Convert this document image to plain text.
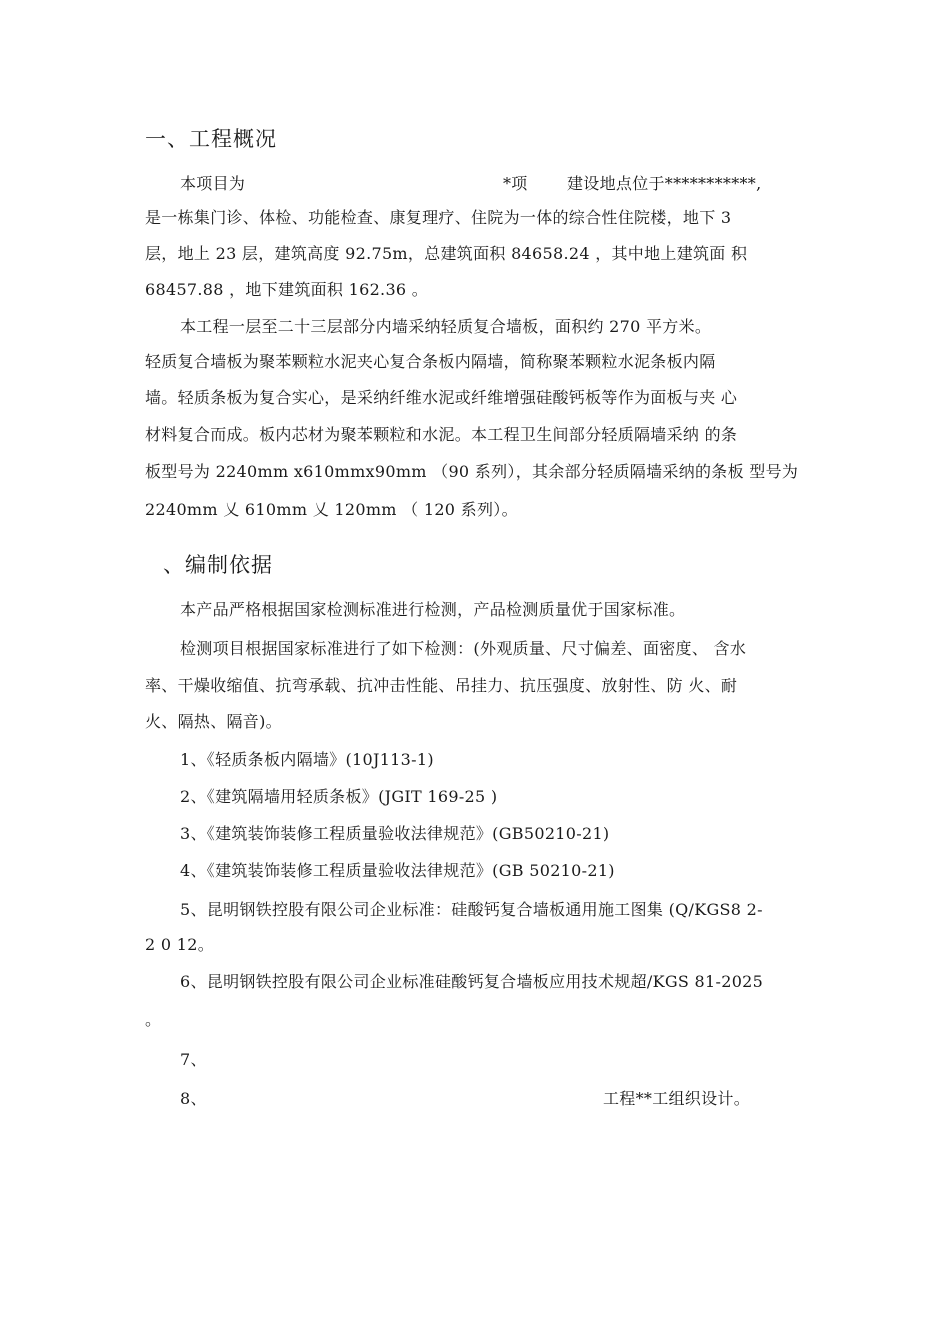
一、工程概况
本项目为	*项 建设地点位于***********,
是一栋集门诊、体检、功能检查、康复理疗、住院为一体的综合性住院楼，地下 3
层，地上 23 层，建筑高度 92.75m，总建筑面积 84658.24 ，其中地上建筑面 积
68457.88 ，地下建筑面积 162.36 。
本工程一层至二十三层部分内墙采纳轻质复合墙板，面积约 270 平方米。
轻质复合墙板为聚苯颗粒水泥夹心复合条板内隔墙，简称聚苯颗粒水泥条板内隔
墙。轻质条板为复合实心，是采纳纤维水泥或纤维增强硅酸钙板等作为面板与夹 心
材料复合而成。板内芯材为聚苯颗粒和水泥。本工程卫生间部分轻质隔墙采纳 的条
板型号为 2240mm x610mmx90mm （90 系列），其余部分轻质隔墙采纳的条板 型号为
2240mm 乂 610mm 乂 120mm （ 120 系列）。
、编制依据
本产品严格根据国家检测标准进行检测，产品检测质量优于国家标准。
检测项目根据国家标准进行了如下检测：(外观质量、尺寸偏差、面密度、 含水
率、干燥收缩值、抗弯承载、抗冲击性能、吊挂力、抗压强度、放射性、防 火、耐
火、隔热、隔音)。
1、《轻质条板内隔墙》(10J113-1)
2、《建筑隔墙用轻质条板》(JGIT 169-25 )
3、《建筑装饰装修工程质量验收法律规范》(GB50210-21)
4、《建筑装饰装修工程质量验收法律规范》(GB 50210-21)
5、昆明钢铁控股有限公司企业标准：硅酸钙复合墙板通用施工图集 (Q/KGS8 2-
2 0 12。
6、昆明钢铁控股有限公司企业标准硅酸钙复合墙板应用技术规超/KGS 81-2025
。
7、
8、	工程**工组织设计。
